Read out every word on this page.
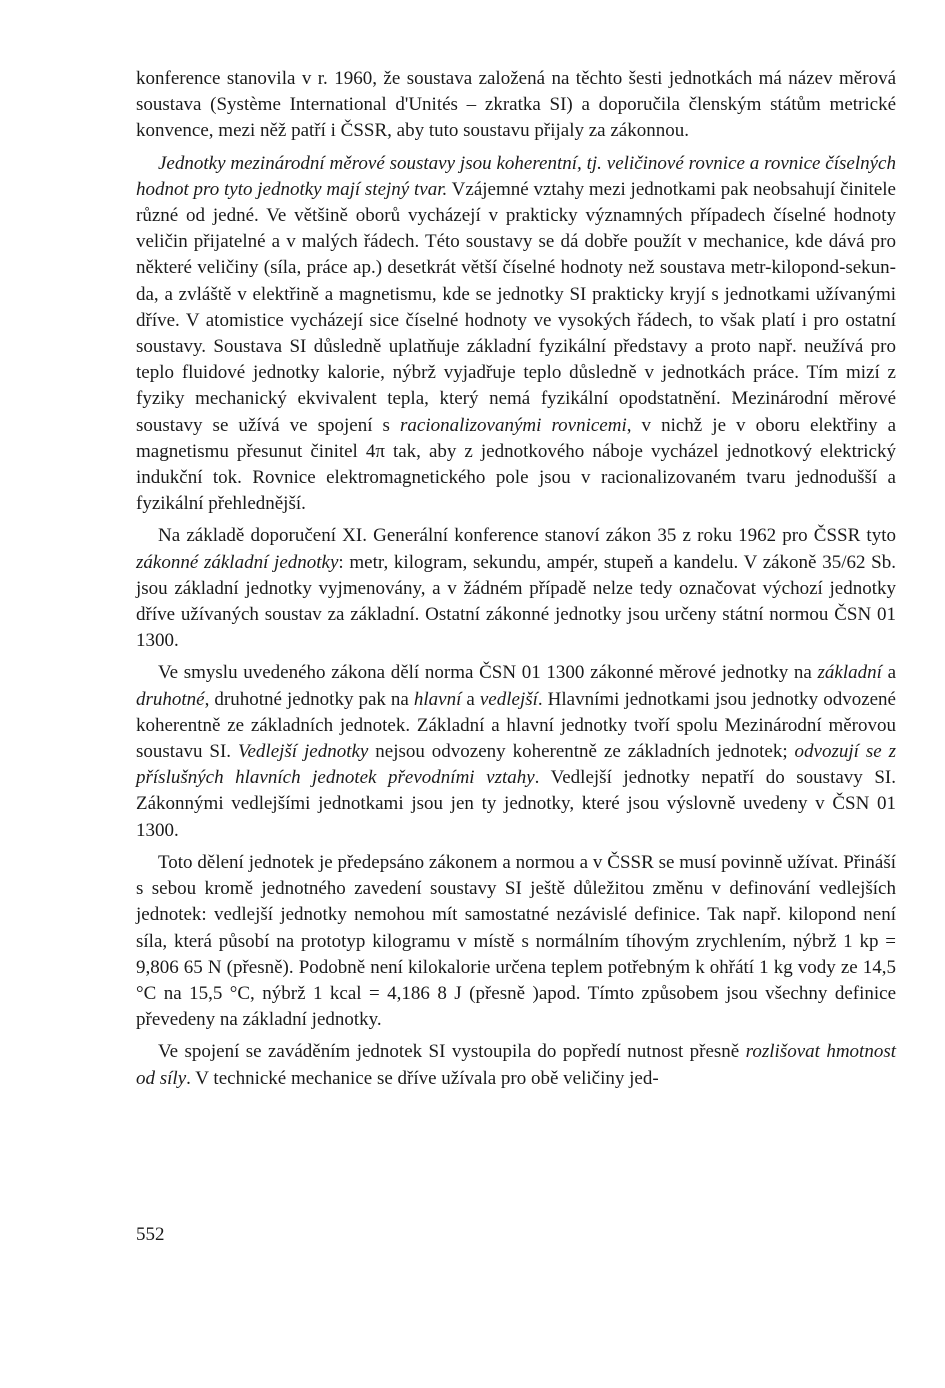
konference stanovila v r. 1960, že soustava založená na těchto šesti jednotkách má název měrová soustava (Système International d'Unités – zkratka SI) a doporučila členským státům metrické konvence, mezi něž patří i ČSSR, aby tuto soustavu přijaly za zákonnou.

Jednotky mezinárodní měrové soustavy jsou koherentní, tj. veličinové rovnice a rovnice číselných hodnot pro tyto jednotky mají stejný tvar. Vzájemné vztahy mezi jednotkami pak neobsahují činitele různé od jedné. Ve většině oborů vycházejí v prakticky významných případech číselné hodnoty veličin přijatelné a v malých řádech. Této soustavy se dá dobře použít v mechanice, kde dává pro některé veličiny (síla, práce ap.) desetkrát větší číselné hodnoty než soustava metr-kilopond-sekunda, a zvláště v elektřině a magnetismu, kde se jednotky SI prakticky kryjí s jednotkami užívanými dříve. V atomistice vycházejí sice číselné hodnoty ve vysokých řádech, to však platí i pro ostatní soustavy. Soustava SI důsledně uplatňuje základní fyzikální představy a proto např. neužívá pro teplo fluidové jednotky kalorie, nýbrž vyjadřuje teplo důsledně v jednotkách práce. Tím mizí z fyziky mechanický ekvivalent tepla, který nemá fyzikální opodstatnění. Mezinárodní měrové soustavy se užívá ve spojení s racionalizovanými rovnicemi, v nichž je v oboru elektřiny a magnetismu přesunut činitel 4π tak, aby z jednotkového náboje vycházel jednotkový elektrický indukční tok. Rovnice elektromagnetického pole jsou v racionalizovaném tvaru jednodušší a fyzikální přehlednější.

Na základě doporučení XI. Generální konference stanoví zákon 35 z roku 1962 pro ČSSR tyto zákonné základní jednotky: metr, kilogram, sekundu, ampér, stupeň a kandelu. V zákoně 35/62 Sb. jsou základní jednotky vyjmenovány, a v žádném případě nelze tedy označovat výchozí jednotky dříve užívaných soustav za základní. Ostatní zákonné jednotky jsou určeny státní normou ČSN 01 1300.

Ve smyslu uvedeného zákona dělí norma ČSN 01 1300 zákonné měrové jednotky na základní a druhotné, druhotné jednotky pak na hlavní a vedlejší. Hlavními jednotkami jsou jednotky odvozené koherentně ze základních jednotek. Základní a hlavní jednotky tvoří spolu Mezinárodní měrovou soustavu SI. Vedlejší jednotky nejsou odvozeny koherentně ze základních jednotek; odvozují se z příslušných hlavních jednotek převodními vztahy. Vedlejší jednotky nepatří do soustavy SI. Zákonnými vedlejšími jednotkami jsou jen ty jednotky, které jsou výslovně uvedeny v ČSN 01 1300.

Toto dělení jednotek je předepsáno zákonem a normou a v ČSSR se musí povinně užívat. Přináší s sebou kromě jednotného zavedení soustavy SI ještě důležitou změnu v definování vedlejších jednotek: vedlejší jednotky nemohou mít samostatné nezávislé definice. Tak např. kilopond není síla, která působí na prototyp kilogramu v místě s normálním tíhovým zrychlením, nýbrž 1 kp = 9,806 65 N (přesně). Podobně není kilokalorie určena teplem potřebným k ohřátí 1 kg vody ze 14,5 °C na 15,5 °C, nýbrž 1 kcal = 4,186 8 J (přesně )apod. Tímto způsobem jsou všechny definice převedeny na základní jednotky.

Ve spojení se zaváděním jednotek SI vystoupila do popředí nutnost přesně rozlišovat hmotnost od síly. V technické mechanice se dříve užívala pro obě veličiny jed-

552
